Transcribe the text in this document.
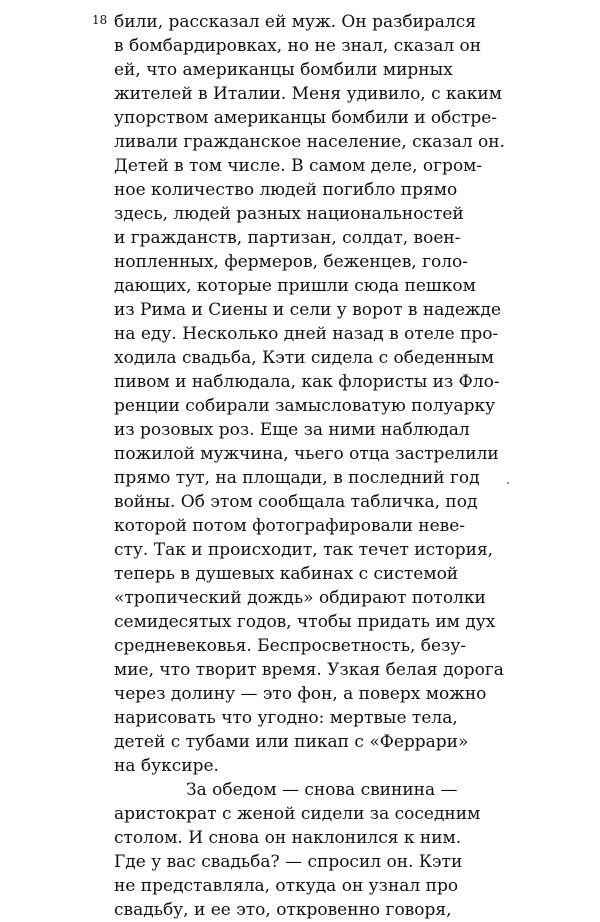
18 били, рассказал ей муж. Он разбирался
в бомбардировках, но не знал, сказал он
ей, что американцы бомбили мирных
жителей в Италии. Меня удивило, с каким
упорством американцы бомбили и обстре-
ливали гражданское население, сказал он.
Детей в том числе. В самом деле, огром-
ное количество людей погибло прямо
здесь, людей разных национальностей
и гражданств, партизан, солдат, воен-
нопленных, фермеров, беженцев, голо-
дающих, которые пришли сюда пешком
из Рима и Сиены и сели у ворот в надежде
на еду. Несколько дней назад в отеле про-
ходила свадьба, Кэти сидела с обеденным
пивом и наблюдала, как флористы из Фло-
ренции собирали замысловатую полуарку
из розовых роз. Еще за ними наблюдал
пожилой мужчина, чьего отца застрелили
прямо тут, на площади, в последний год
войны. Об этом сообщала табличка, под
которой потом фотографировали неве-
сту. Так и происходит, так течет история,
теперь в душевых кабинах с системой
«тропический дождь» обдирают потолки
семидесятых годов, чтобы придать им дух
средневековья. Беспросветность, безу-
мие, что творит время. Узкая белая дорога
через долину — это фон, а поверх можно
нарисовать что угодно: мертвые тела,
детей с тубами или пикап с «Феррари»
на буксире.
За обедом — снова свинина —
аристократ с женой сидели за соседним
столом. И снова он наклонился к ним.
Где у вас свадьба? — спросил он. Кэти
не представляла, откуда он узнал про
свадьбу, и ее это, откровенно говоря,
